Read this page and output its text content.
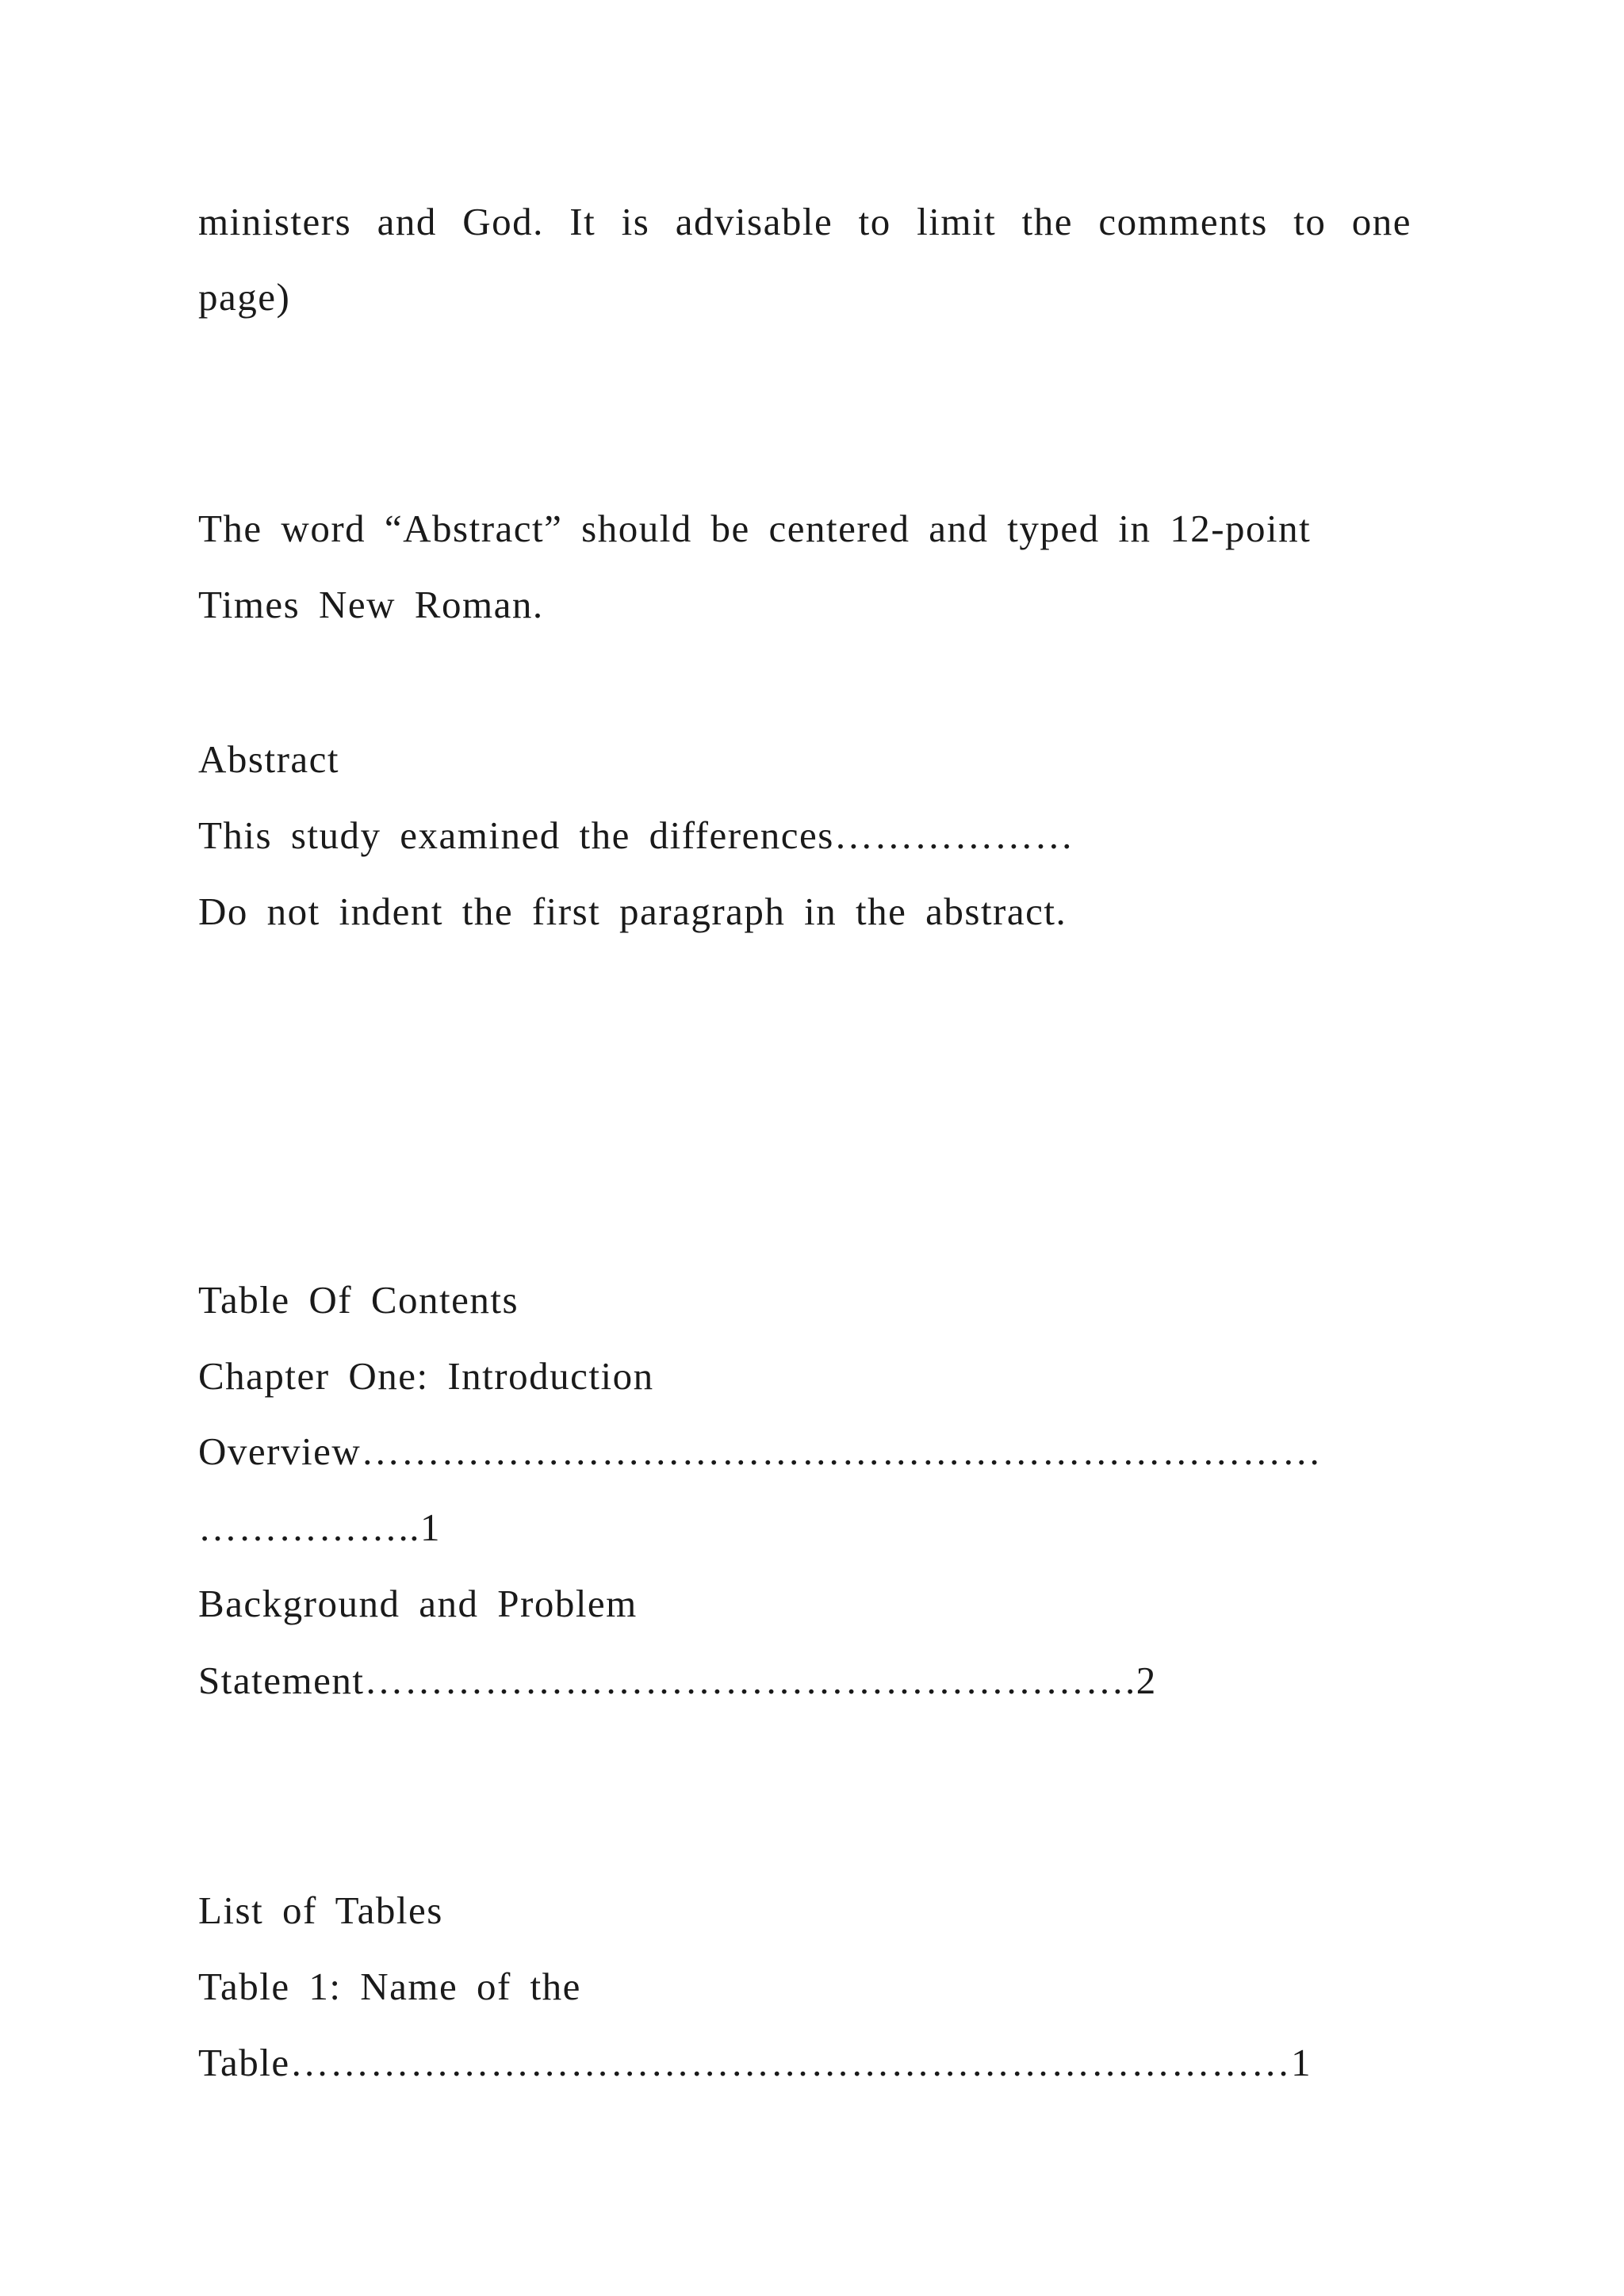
ministers and God. It is advisable to limit the comments to one

page)

The word “Abstract” should be centered and typed in 12-point

Times New Roman.

Abstract

This study examined the differences………………

Do not indent the first paragraph in the abstract.

Table Of Contents

Chapter One: Introduction

Overview………………………………………………………………

……………..1

Background and Problem

Statement………………………………………………….2

List of Tables

Table 1: Name of the

Table…………………………………………………………………1
